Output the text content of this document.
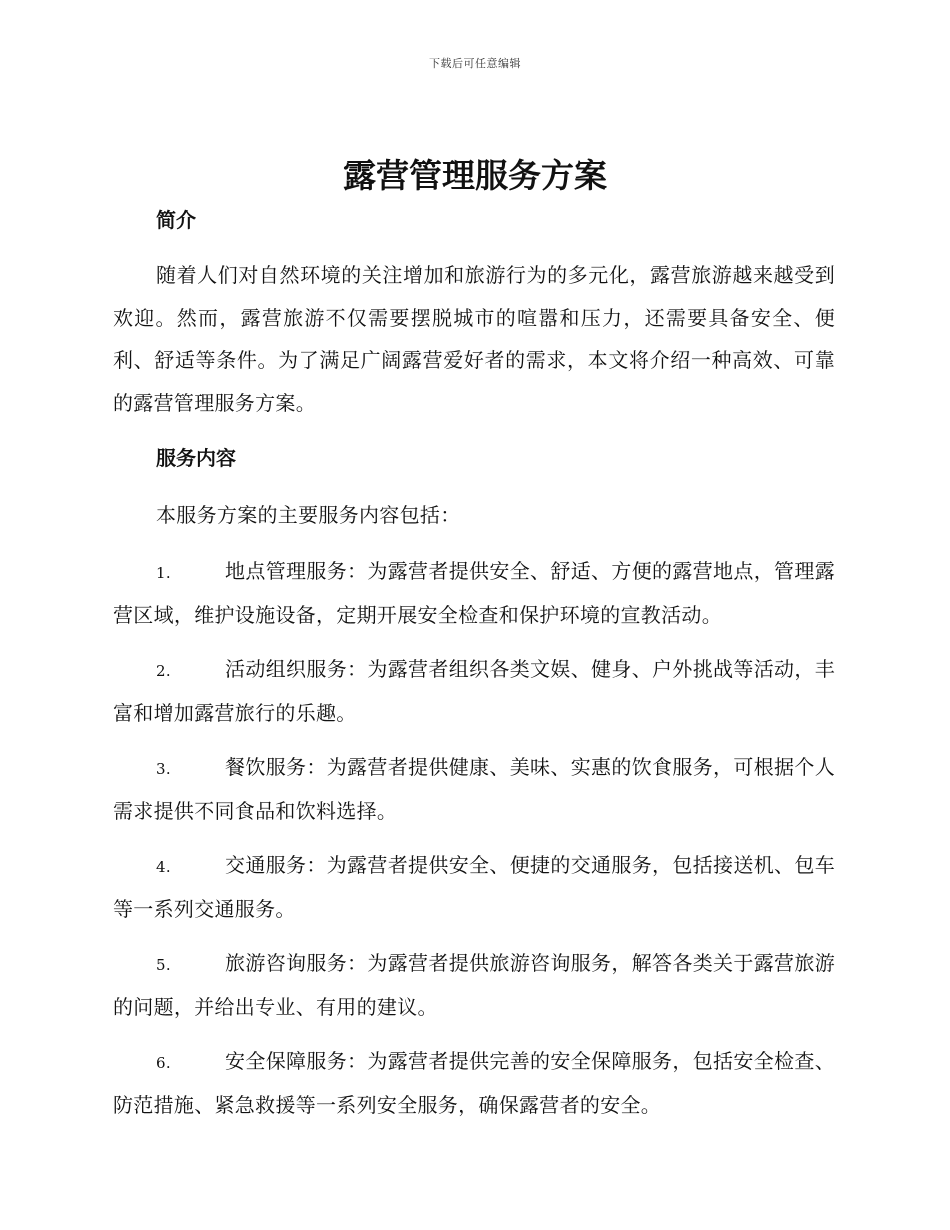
下载后可任意编辑
露营管理服务方案
简介

随着人们对自然环境的关注增加和旅游行为的多元化，露营旅游越来越受到欢迎。然而，露营旅游不仅需要摆脱城市的喧嚣和压力，还需要具备安全、便利、舒适等条件。为了满足广阔露营爱好者的需求，本文将介绍一种高效、可靠的露营管理服务方案。

服务内容

本服务方案的主要服务内容包括：

1.	地点管理服务：为露营者提供安全、舒适、方便的露营地点，管理露营区域，维护设施设备，定期开展安全检查和保护环境的宣教活动。

2.	活动组织服务：为露营者组织各类文娱、健身、户外挑战等活动，丰富和增加露营旅行的乐趣。

3.	餐饮服务：为露营者提供健康、美味、实惠的饮食服务，可根据个人需求提供不同食品和饮料选择。

4.	交通服务：为露营者提供安全、便捷的交通服务，包括接送机、包车等一系列交通服务。

5.	旅游咨询服务：为露营者提供旅游咨询服务，解答各类关于露营旅游的问题，并给出专业、有用的建议。

6.	安全保障服务：为露营者提供完善的安全保障服务，包括安全检查、防范措施、紧急救援等一系列安全服务，确保露营者的安全。
